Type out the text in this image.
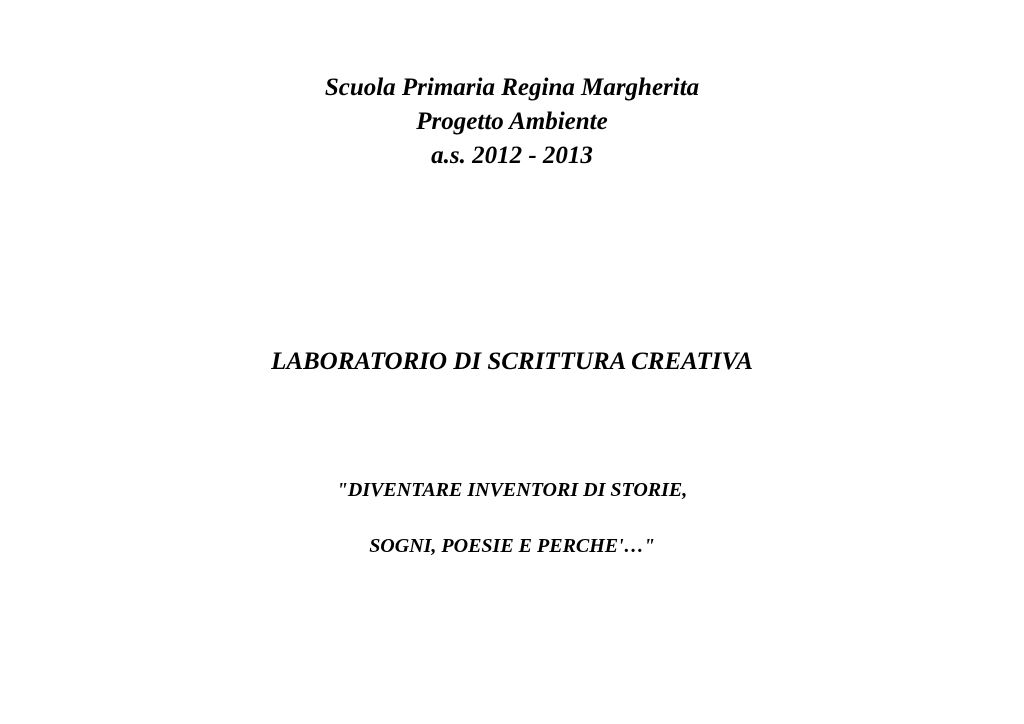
Scuola Primaria Regina Margherita
Progetto Ambiente
a.s. 2012 - 2013
LABORATORIO DI SCRITTURA CREATIVA

"DIVENTARE INVENTORI DI STORIE,

SOGNI, POESIE E PERCHE'…"
